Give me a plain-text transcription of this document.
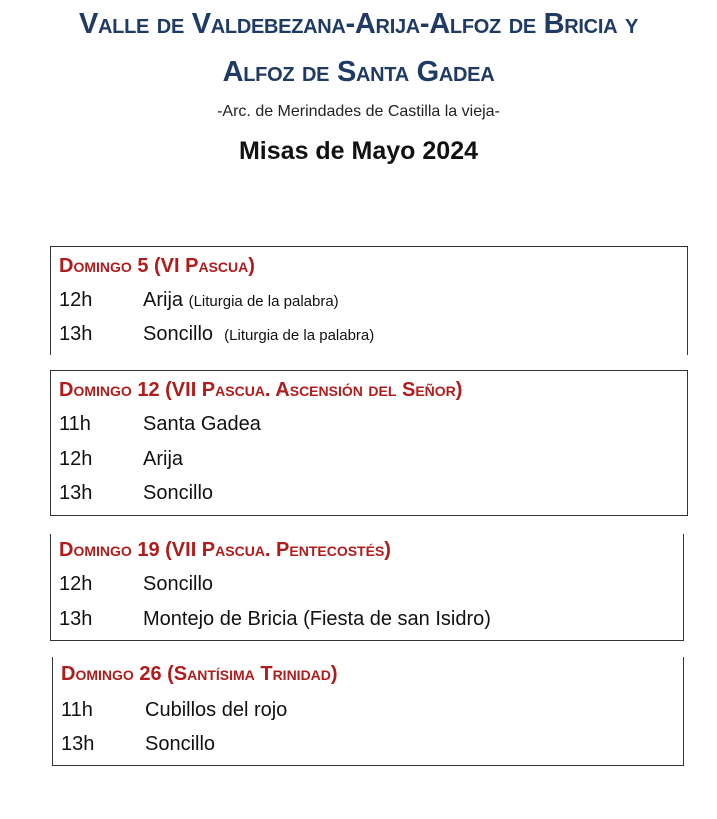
Valle de Valdebezana-Arija-Alfoz de Bricia y
Alfoz de Santa Gadea
-Arc. de Merindades de Castilla la vieja-
Misas de Mayo 2024
Domingo 5 (VI Pascua)
12h	Arija (Liturgia de la palabra)
13h	Soncillo (Liturgia de la palabra)
Domingo 12 (VII Pascua. Ascensión del Señor)
11h	Santa Gadea
12h	Arija
13h	Soncillo
Domingo 19 (VII Pascua. Pentecostés)
12h	Soncillo
13h	Montejo de Bricia (Fiesta de san Isidro)
Domingo 26 (Santísima Trinidad)
11h	Cubillos del rojo
13h	Soncillo
